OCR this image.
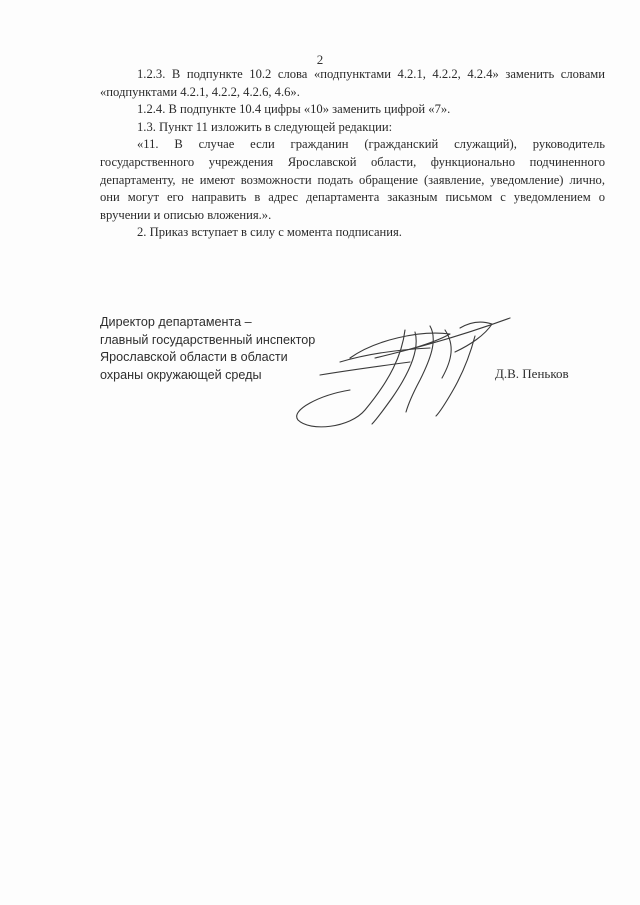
2

1.2.3. В подпункте 10.2 слова «подпунктами 4.2.1, 4.2.2, 4.2.4» заменить словами «подпунктами 4.2.1, 4.2.2, 4.2.6, 4.6».

1.2.4. В подпункте 10.4 цифры «10» заменить цифрой «7».

1.3. Пункт 11 изложить в следующей редакции:

«11. В случае если гражданин (гражданский служащий), руководитель государственного учреждения Ярославской области, функционально подчиненного департаменту, не имеют возможности подать обращение (заявление, уведомление) лично, они могут его направить в адрес департамента заказным письмом с уведомлением о вручении и описью вложения.».

2. Приказ вступает в силу с момента подписания.

Директор департамента –
главный государственный инспектор
Ярославской области в области
охраны окружающей среды	Д.В. Пеньков
